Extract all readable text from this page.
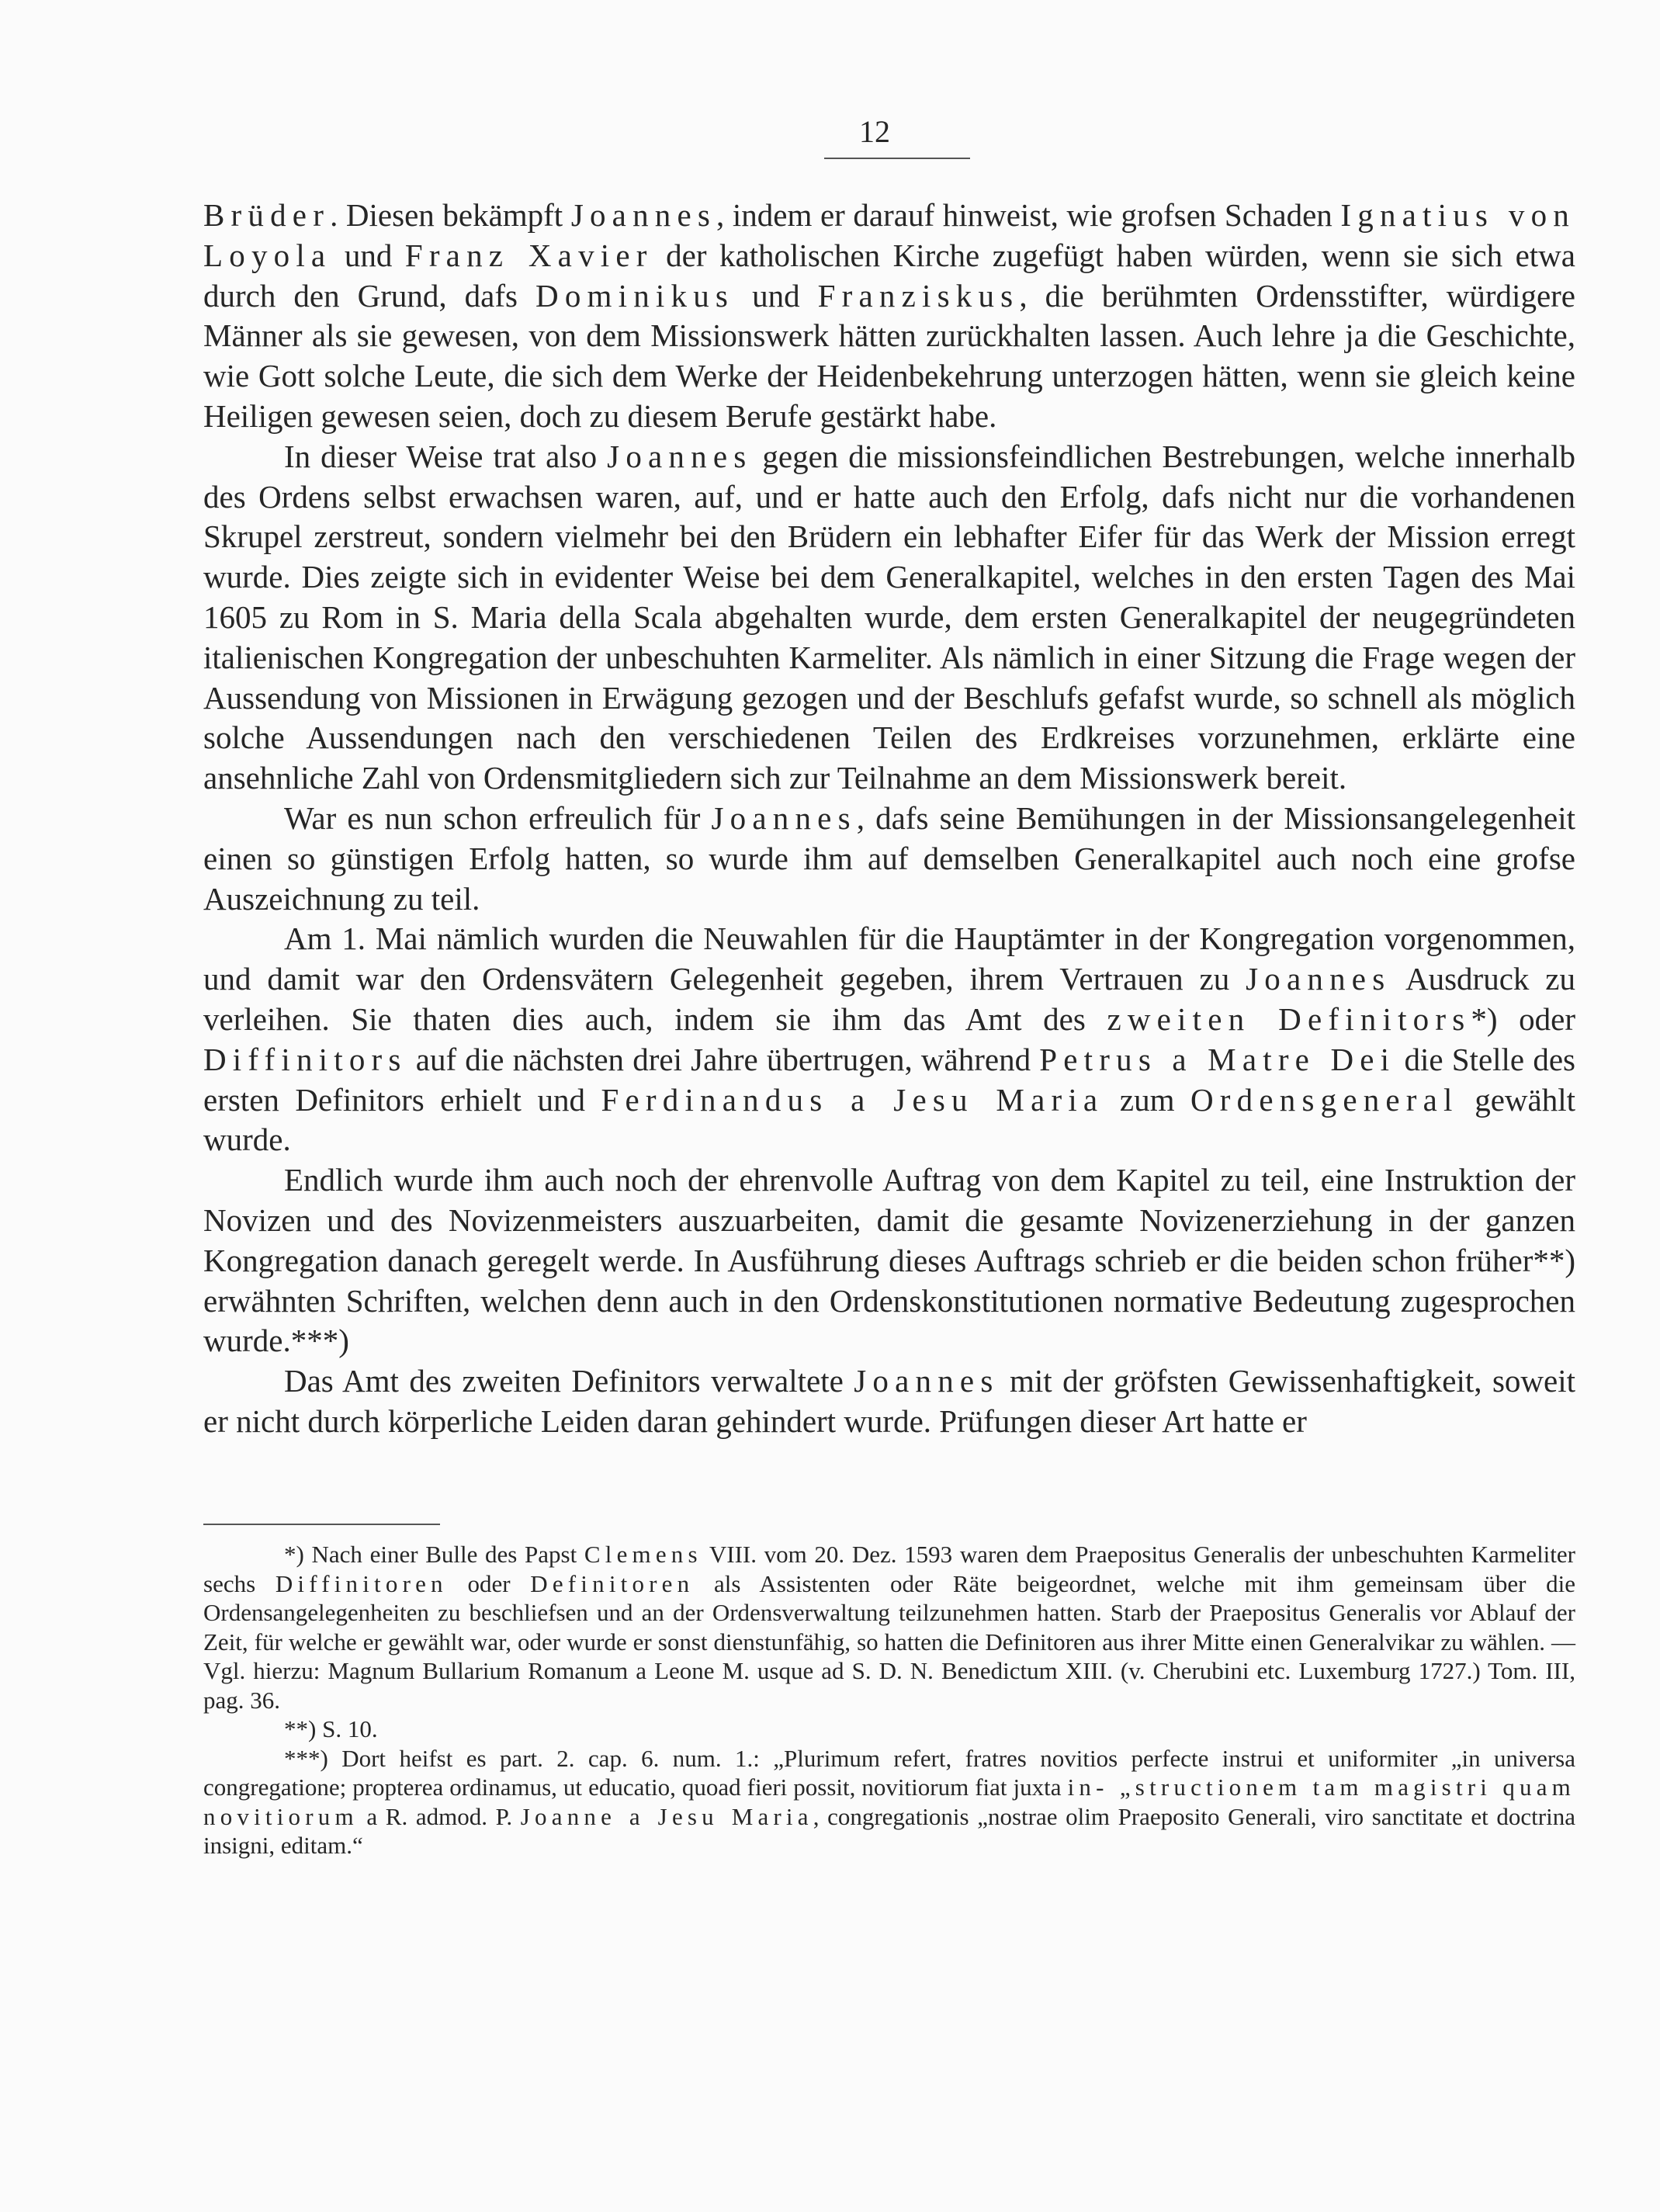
12

Brüder. Diesen bekämpft Joannes, indem er darauf hinweist, wie grofsen Schaden Ignatius von Loyola und Franz Xavier der katholischen Kirche zugefügt haben würden, wenn sie sich etwa durch den Grund, dafs Dominikus und Franziskus, die berühmten Ordensstifter, würdigere Männer als sie gewesen, von dem Missionswerk hätten zurückhalten lassen. Auch lehre ja die Geschichte, wie Gott solche Leute, die sich dem Werke der Heidenbekehrung unterzogen hätten, wenn sie gleich keine Heiligen gewesen seien, doch zu diesem Berufe gestärkt habe.

In dieser Weise trat also Joannes gegen die missionsfeindlichen Bestrebungen, welche innerhalb des Ordens selbst erwachsen waren, auf, und er hatte auch den Erfolg, dafs nicht nur die vorhandenen Skrupel zerstreut, sondern vielmehr bei den Brüdern ein lebhafter Eifer für das Werk der Mission erregt wurde. Dies zeigte sich in evidenter Weise bei dem Generalkapitel, welches in den ersten Tagen des Mai 1605 zu Rom in S. Maria della Scala abgehalten wurde, dem ersten Generalkapitel der neugegründeten italienischen Kongregation der unbeschuhten Karmeliter. Als nämlich in einer Sitzung die Frage wegen der Aussendung von Missionen in Erwägung gezogen und der Beschlufs gefafst wurde, so schnell als möglich solche Aussendungen nach den verschiedenen Teilen des Erdkreises vorzunehmen, erklärte eine ansehnliche Zahl von Ordensmitgliedern sich zur Teilnahme an dem Missionswerk bereit.

War es nun schon erfreulich für Joannes, dafs seine Bemühungen in der Missionsangelegenheit einen so günstigen Erfolg hatten, so wurde ihm auf demselben Generalkapitel auch noch eine grofse Auszeichnung zu teil.

Am 1. Mai nämlich wurden die Neuwahlen für die Hauptämter in der Kongregation vorgenommen, und damit war den Ordensvätern Gelegenheit gegeben, ihrem Vertrauen zu Joannes Ausdruck zu verleihen. Sie thaten dies auch, indem sie ihm das Amt des zweiten Definitors*) oder Diffinitors auf die nächsten drei Jahre übertrugen, während Petrus a Matre Dei die Stelle des ersten Definitors erhielt und Ferdinandus a Jesu Maria zum Ordensgeneral gewählt wurde.

Endlich wurde ihm auch noch der ehrenvolle Auftrag von dem Kapitel zu teil, eine Instruktion der Novizen und des Novizenmeisters auszuarbeiten, damit die gesamte Novizenerziehung in der ganzen Kongregation danach geregelt werde. In Ausführung dieses Auftrags schrieb er die beiden schon früher**) erwähnten Schriften, welchen denn auch in den Ordenskonstitutionen normative Bedeutung zugesprochen wurde.***)

Das Amt des zweiten Definitors verwaltete Joannes mit der gröfsten Gewissenhaftigkeit, soweit er nicht durch körperliche Leiden daran gehindert wurde. Prüfungen dieser Art hatte er

*) Nach einer Bulle des Papst Clemens VIII. vom 20. Dez. 1593 waren dem Praepositus Generalis der unbeschuhten Karmeliter sechs Diffinitoren oder Definitoren als Assistenten oder Räte beigeordnet, welche mit ihm gemeinsam über die Ordensangelegenheiten zu beschliefsen und an der Ordensverwaltung teilzunehmen hatten. Starb der Praepositus Generalis vor Ablauf der Zeit, für welche er gewählt war, oder wurde er sonst dienstunfähig, so hatten die Definitoren aus ihrer Mitte einen Generalvikar zu wählen. — Vgl. hierzu: Magnum Bullarium Romanum a Leone M. usque ad S. D. N. Benedictum XIII. (v. Cherubini etc. Luxemburg 1727.) Tom. III, pag. 36.

**) S. 10.

***) Dort heifst es part. 2. cap. 6. num. 1.: „Plurimum refert, fratres novitios perfecte instrui et uniformiter „in universa congregatione; propterea ordinamus, ut educatio, quoad fieri possit, novitiorum fiat juxta in- „structionem tam magistri quam novitiorum a R. admod. P. Joanne a Jesu Maria, congregationis „nostrae olim Praeposito Generali, viro sanctitate et doctrina insigni, editam.“
